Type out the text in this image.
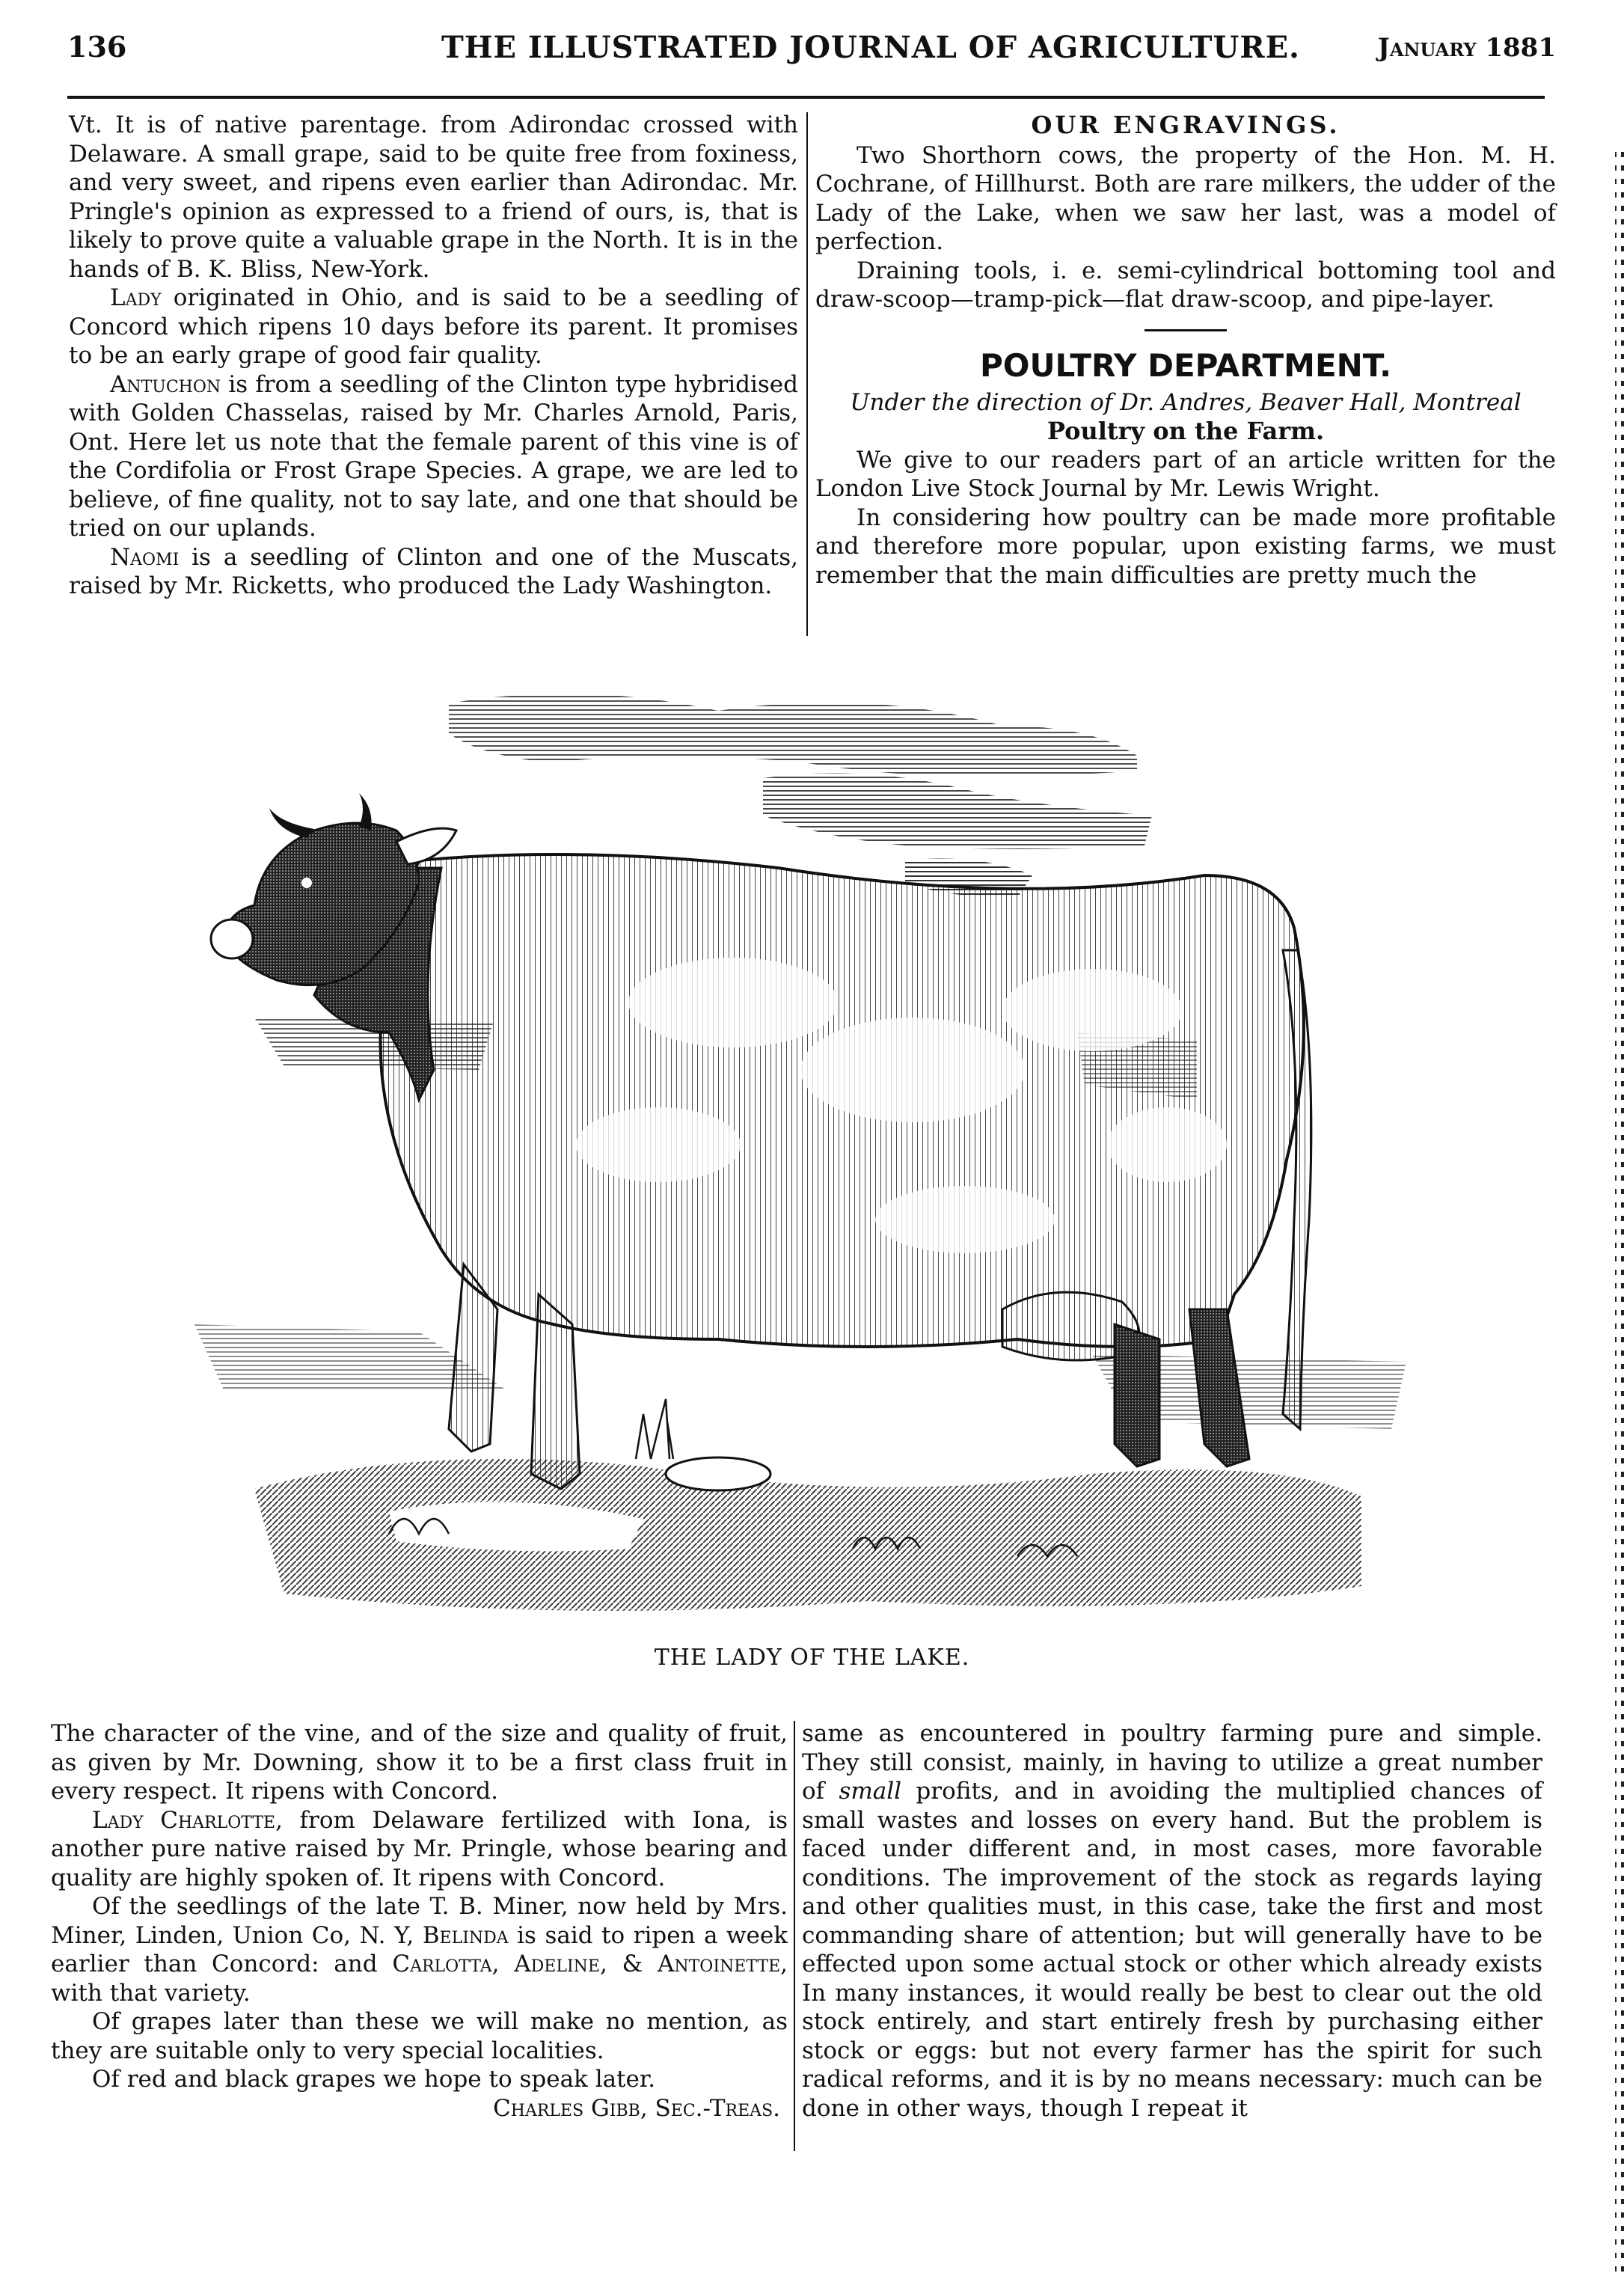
136	THE ILLUSTRATED JOURNAL OF AGRICULTURE.	January 1881

Vt. It is of native parentage. from Adirondac crossed with Delaware. A small grape, said to be quite free from foxiness, and very sweet, and ripens even earlier than Adirondac. Mr. Pringle's opinion as expressed to a friend of ours, is, that is likely to prove quite a valuable grape in the North. It is in the hands of B. K. Bliss, New-York.

Lady originated in Ohio, and is said to be a seedling of Concord which ripens 10 days before its parent. It promises to be an early grape of good fair quality.

Antuchon is from a seedling of the Clinton type hybridised with Golden Chasselas, raised by Mr. Charles Arnold, Paris, Ont. Here let us note that the female parent of this vine is of the Cordifolia or Frost Grape Species. A grape, we are led to believe, of fine quality, not to say late, and one that should be tried on our uplands.

Naomi is a seedling of Clinton and one of the Muscats, raised by Mr. Ricketts, who produced the Lady Washington.

OUR ENGRAVINGS.

Two Shorthorn cows, the property of the Hon. M. H. Cochrane, of Hillhurst. Both are rare milkers, the udder of the Lady of the Lake, when we saw her last, was a model of perfection.

Draining tools, i. e. semi-cylindrical bottoming tool and draw-scoop—tramp-pick—flat draw-scoop, and pipe-layer.

POULTRY DEPARTMENT.
Under the direction of Dr. Andres, Beaver Hall, Montreal
Poultry on the Farm.

We give to our readers part of an article written for the London Live Stock Journal by Mr. Lewis Wright.

In considering how poultry can be made more profitable and therefore more popular, upon existing farms, we must remember that the main difficulties are pretty much the

THE LADY OF THE LAKE.

The character of the vine, and of the size and quality of fruit, as given by Mr. Downing, show it to be a first class fruit in every respect. It ripens with Concord.

Lady Charlotte, from Delaware fertilized with Iona, is another pure native raised by Mr. Pringle, whose bearing and quality are highly spoken of. It ripens with Concord.

Of the seedlings of the late T. B. Miner, now held by Mrs. Miner, Linden, Union Co, N. Y, Belinda is said to ripen a week earlier than Concord: and Carlotta, Adeline, & Antoinette, with that variety.

Of grapes later than these we will make no mention, as they are suitable only to very special localities.

Of red and black grapes we hope to speak later.

Charles Gibb, Sec.-Treas.

same as encountered in poultry farming pure and simple. They still consist, mainly, in having to utilize a great number of small profits, and in avoiding the multiplied chances of small wastes and losses on every hand. But the problem is faced under different and, in most cases, more favorable conditions. The improvement of the stock as regards laying and other qualities must, in this case, take the first and most commanding share of attention; but will generally have to be effected upon some actual stock or other which already exists In many instances, it would really be best to clear out the old stock entirely, and start entirely fresh by purchasing either stock or eggs: but not every farmer has the spirit for such radical reforms, and it is by no means necessary: much can be done in other ways, though I repeat it
